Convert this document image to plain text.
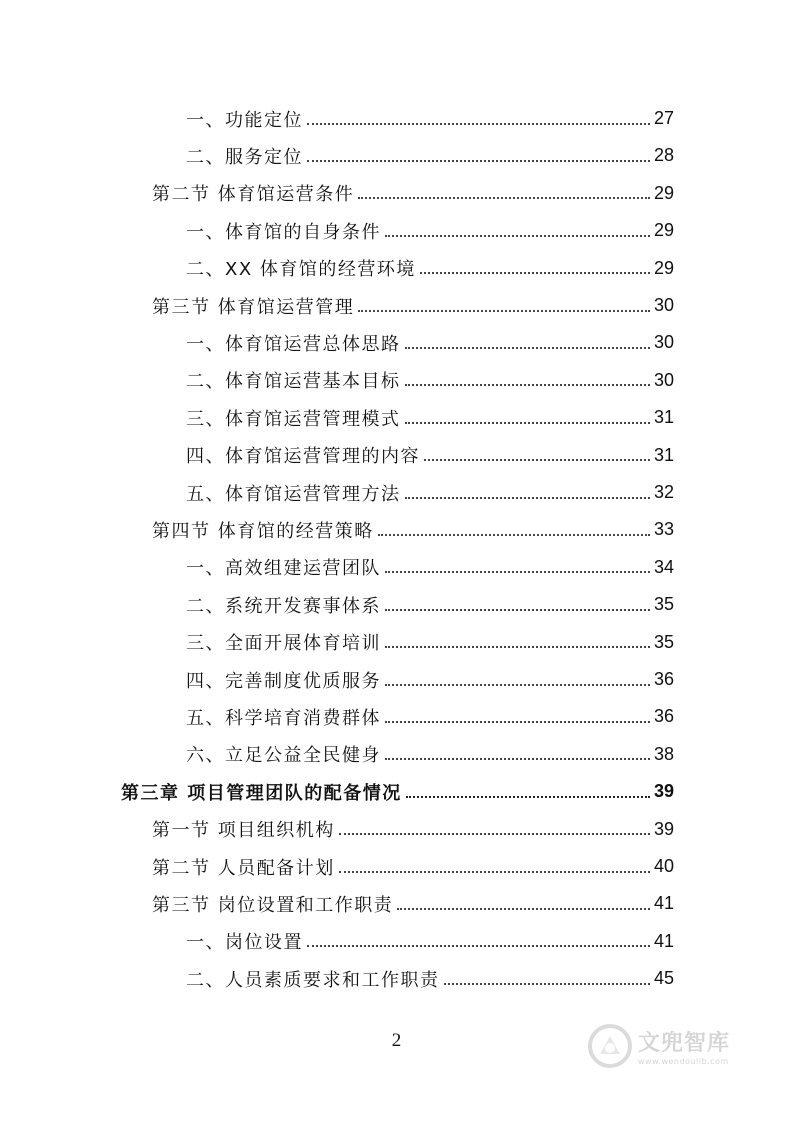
一、功能定位	27
二、服务定位	28
第二节 体育馆运营条件	29
一、体育馆的自身条件	29
二、XX 体育馆的经营环境	29
第三节 体育馆运营管理	30
一、体育馆运营总体思路	30
二、体育馆运营基本目标	30
三、体育馆运营管理模式	31
四、体育馆运营管理的内容	31
五、体育馆运营管理方法	32
第四节 体育馆的经营策略	33
一、高效组建运营团队	34
二、系统开发赛事体系	35
三、全面开展体育培训	35
四、完善制度优质服务	36
五、科学培育消费群体	36
六、立足公益全民健身	38
第三章 项目管理团队的配备情况	39
第一节 项目组织机构	39
第二节 人员配备计划	40
第三节 岗位设置和工作职责	41
一、岗位设置	41
二、人员素质要求和工作职责	45
2	文兜智库
www.wendoulib.com
